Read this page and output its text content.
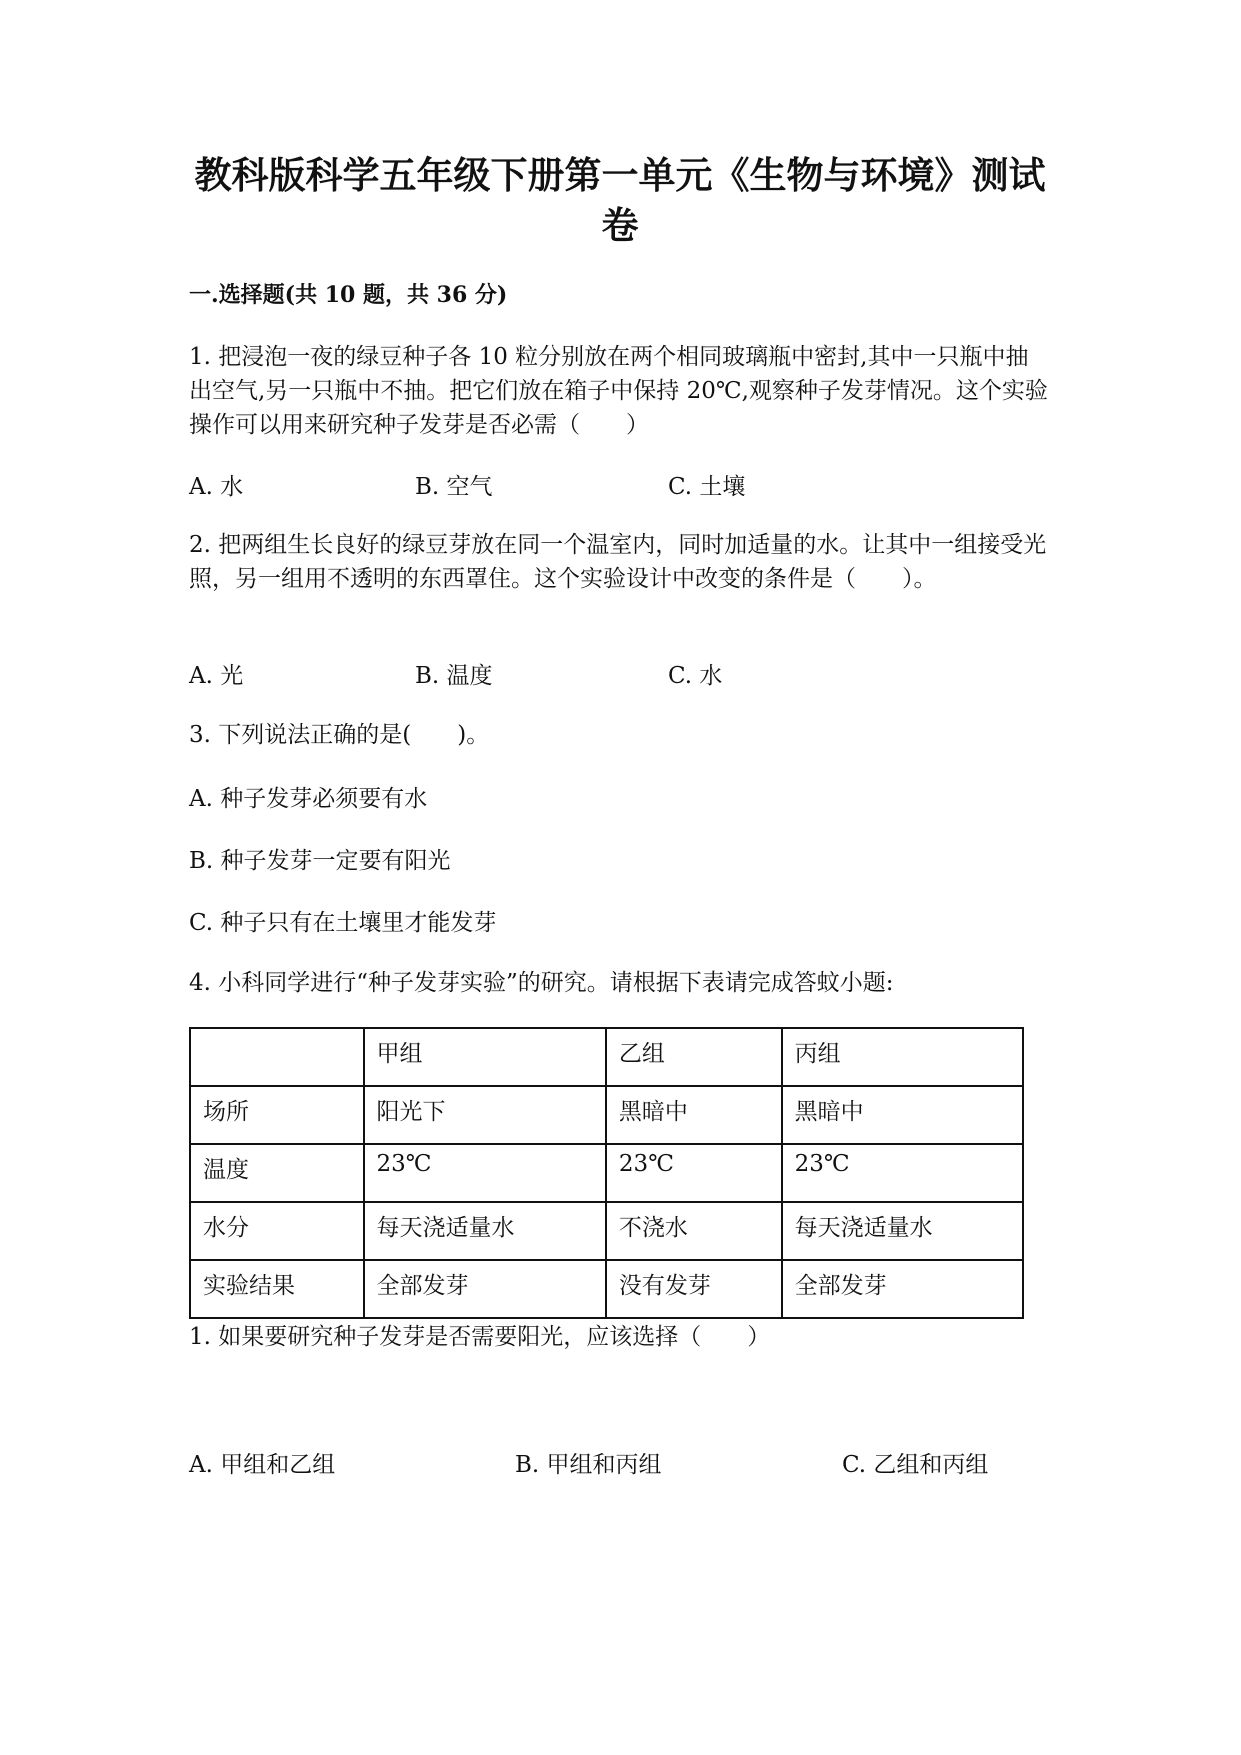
教科版科学五年级下册第一单元《生物与环境》测试卷
一.选择题(共 10 题，共 36 分)

1. 把浸泡一夜的绿豆种子各 10 粒分别放在两个相同玻璃瓶中密封,其中一只瓶中抽出空气,另一只瓶中不抽。把它们放在箱子中保持 20℃,观察种子发芽情况。这个实验操作可以用来研究种子发芽是否必需（　　）

A. 水	B. 空气	C. 土壤

2. 把两组生长良好的绿豆芽放在同一个温室内，同时加适量的水。让其中一组接受光照，另一组用不透明的东西罩住。这个实验设计中改变的条件是（　　）。

A. 光	B. 温度	C. 水

3. 下列说法正确的是(　　)。

A. 种子发芽必须要有水
B. 种子发芽一定要有阳光
C. 种子只有在土壤里才能发芽

4. 小科同学进行“种子发芽实验”的研究。请根据下表请完成答蚊小题:

	甲组	乙组	丙组
场所	阳光下	黑暗中	黑暗中
温度	23℃	23℃	23℃
水分	每天浇适量水	不浇水	每天浇适量水
实验结果	全部发芽	没有发芽	全部发芽

1. 如果要研究种子发芽是否需要阳光，应该选择（　　）

A. 甲组和乙组	B. 甲组和丙组	C. 乙组和丙组
